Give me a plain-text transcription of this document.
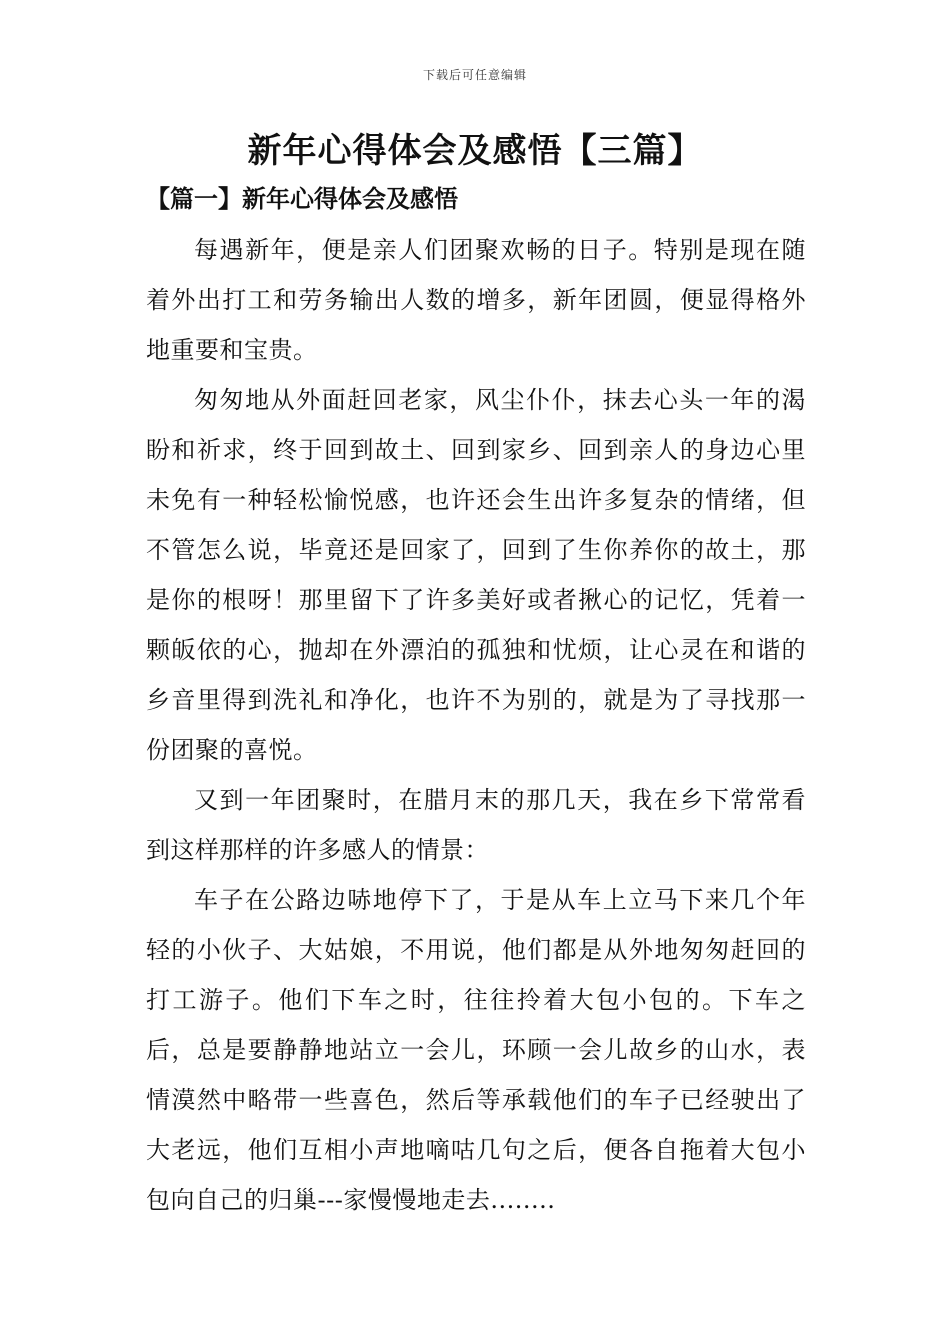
下载后可任意编辑
新年心得体会及感悟【三篇】
【篇一】新年心得体会及感悟

每遇新年，便是亲人们团聚欢畅的日子。特别是现在随着外出打工和劳务输出人数的增多，新年团圆，便显得格外地重要和宝贵。

匆匆地从外面赶回老家，风尘仆仆，抹去心头一年的渴盼和祈求，终于回到故土、回到家乡、回到亲人的身边心里未免有一种轻松愉悦感，也许还会生出许多复杂的情绪，但不管怎么说，毕竟还是回家了，回到了生你养你的故土，那是你的根呀！那里留下了许多美好或者揪心的记忆，凭着一颗皈依的心，抛却在外漂泊的孤独和忧烦，让心灵在和谐的乡音里得到洗礼和净化，也许不为别的，就是为了寻找那一份团聚的喜悦。

又到一年团聚时，在腊月末的那几天，我在乡下常常看到这样那样的许多感人的情景：

车子在公路边哧地停下了，于是从车上立马下来几个年轻的小伙子、大姑娘，不用说，他们都是从外地匆匆赶回的打工游子。他们下车之时，往往拎着大包小包的。下车之后，总是要静静地站立一会儿，环顾一会儿故乡的山水，表情漠然中略带一些喜色，然后等承载他们的车子已经驶出了大老远，他们互相小声地嘀咕几句之后，便各自拖着大包小包向自己的归巢---家慢慢地走去........
